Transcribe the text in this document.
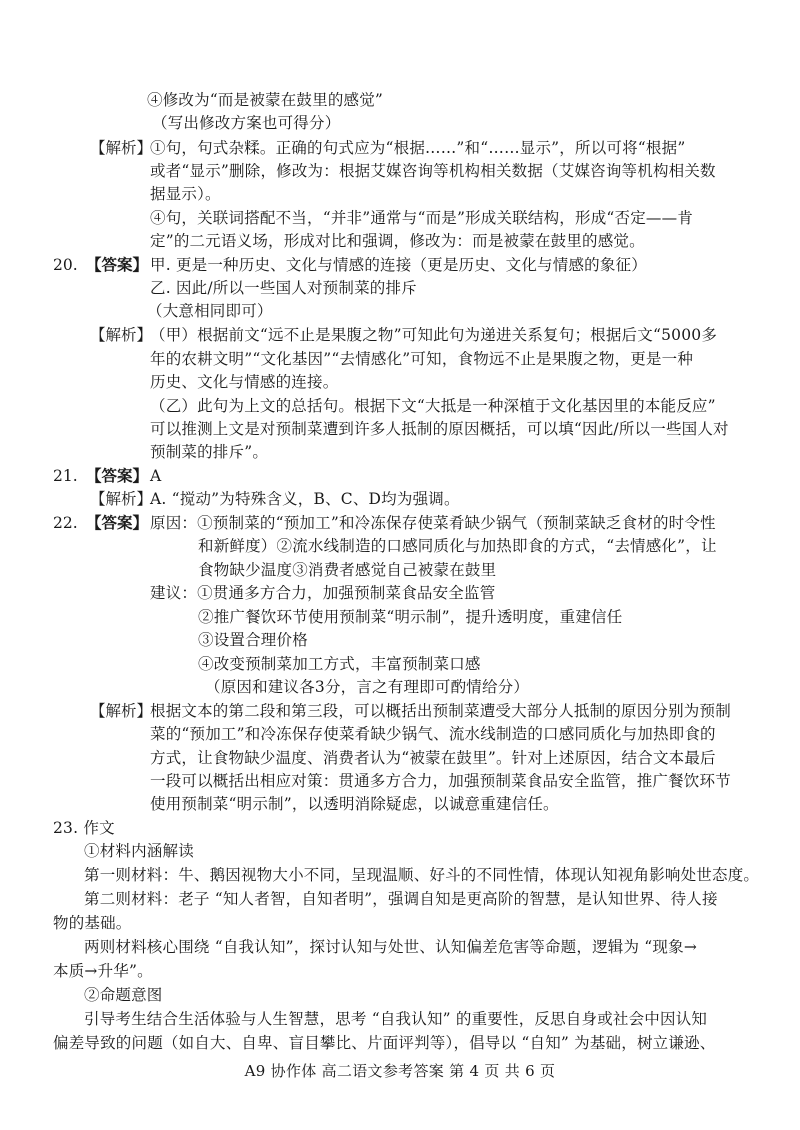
④修改为“而是被蒙在鼓里的感觉”
（写出修改方案也可得分）
【解析】
①句，句式杂糅。正确的句式应为“根据……”和“……显示”，所以可将“根据”
或者“显示”删除，修改为：根据艾媒咨询等机构相关数据（艾媒咨询等机构相关数
据显示）。
④句，关联词搭配不当，“并非”通常与“而是”形成关联结构，形成“否定——肯
定”的二元语义场，形成对比和强调，修改为：而是被蒙在鼓里的感觉。
20. 【答案】 甲. 更是一种历史、文化与情感的连接（更是历史、文化与情感的象征）
乙. 因此/所以一些国人对预制菜的排斥
（大意相同即可）
【解析】
（甲）根据前文“远不止是果腹之物”可知此句为递进关系复句；根据后文“5000多
年的农耕文明”“文化基因”“去情感化”可知，食物远不止是果腹之物，更是一种
历史、文化与情感的连接。
（乙）此句为上文的总括句。根据下文“大抵是一种深植于文化基因里的本能反应”
可以推测上文是对预制菜遭到许多人抵制的原因概括，可以填“因此/所以一些国人对
预制菜的排斥”。
21. 【答案】 A
【解析】
A. “搅动”为特殊含义，B、C、D均为强调。
22. 【答案】 原因：①预制菜的“预加工”和冷冻保存使菜肴缺少锅气（预制菜缺乏食材的时令性
和新鲜度）②流水线制造的口感同质化与加热即食的方式，“去情感化”，让
食物缺少温度③消费者感觉自己被蒙在鼓里
建议：①贯通多方合力，加强预制菜食品安全监管
②推广餐饮环节使用预制菜“明示制”，提升透明度，重建信任
③设置合理价格
④改变预制菜加工方式，丰富预制菜口感
（原因和建议各3分，言之有理即可酌情给分）
【解析】
根据文本的第二段和第三段，可以概括出预制菜遭受大部分人抵制的原因分别为预制
菜的“预加工”和冷冻保存使菜肴缺少锅气、流水线制造的口感同质化与加热即食的
方式，让食物缺少温度、消费者认为“被蒙在鼓里”。针对上述原因，结合文本最后
一段可以概括出相应对策：贯通多方合力，加强预制菜食品安全监管，推广餐饮环节
使用预制菜“明示制”，以透明消除疑虑，以诚意重建信任。
23. 作文
①材料内涵解读
第一则材料：牛、鹅因视物大小不同，呈现温顺、好斗的不同性情，体现认知视角影响处世态度。
第二则材料：老子 “知人者智，自知者明”，强调自知是更高阶的智慧，是认知世界、待人接
物的基础。
两则材料核心围绕 “自我认知”，探讨认知与处世、认知偏差危害等命题，逻辑为 “现象→
本质→升华”。
②命题意图
引导考生结合生活体验与人生智慧，思考 “自我认知” 的重要性，反思自身或社会中因认知
偏差导致的问题（如自大、自卑、盲目攀比、片面评判等），倡导以 “自知” 为基础，树立谦逊、
A9 协作体 高二语文参考答案 第 4 页 共 6 页
